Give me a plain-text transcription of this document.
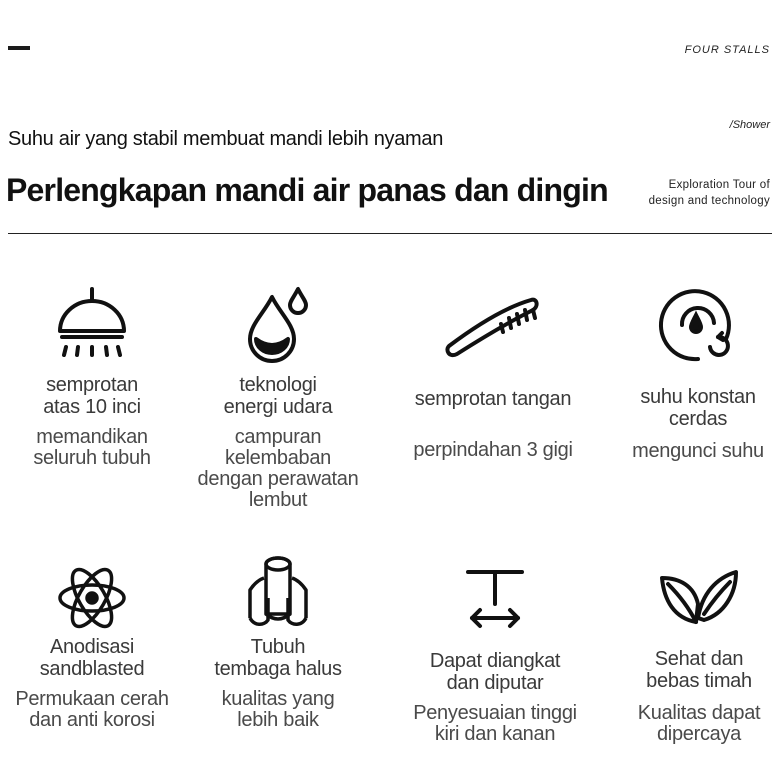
FOUR STALLS
/Shower
Suhu air yang stabil membuat mandi lebih nyaman
Perlengkapan mandi air panas dan dingin	Exploration Tour of
design and technology
semprotan
atas 10 inci
memandikan
seluruh tubuh
teknologi
energi udara
campuran
kelembaban
dengan perawatan
lembut
semprotan tangan
perpindahan 3 gigi
suhu konstan
cerdas
mengunci suhu
Anodisasi
sandblasted
Permukaan cerah
dan anti korosi
Tubuh
tembaga halus
kualitas yang
lebih baik
Dapat diangkat
dan diputar
Penyesuaian tinggi
kiri dan kanan
Sehat dan
bebas timah
Kualitas dapat
dipercaya
